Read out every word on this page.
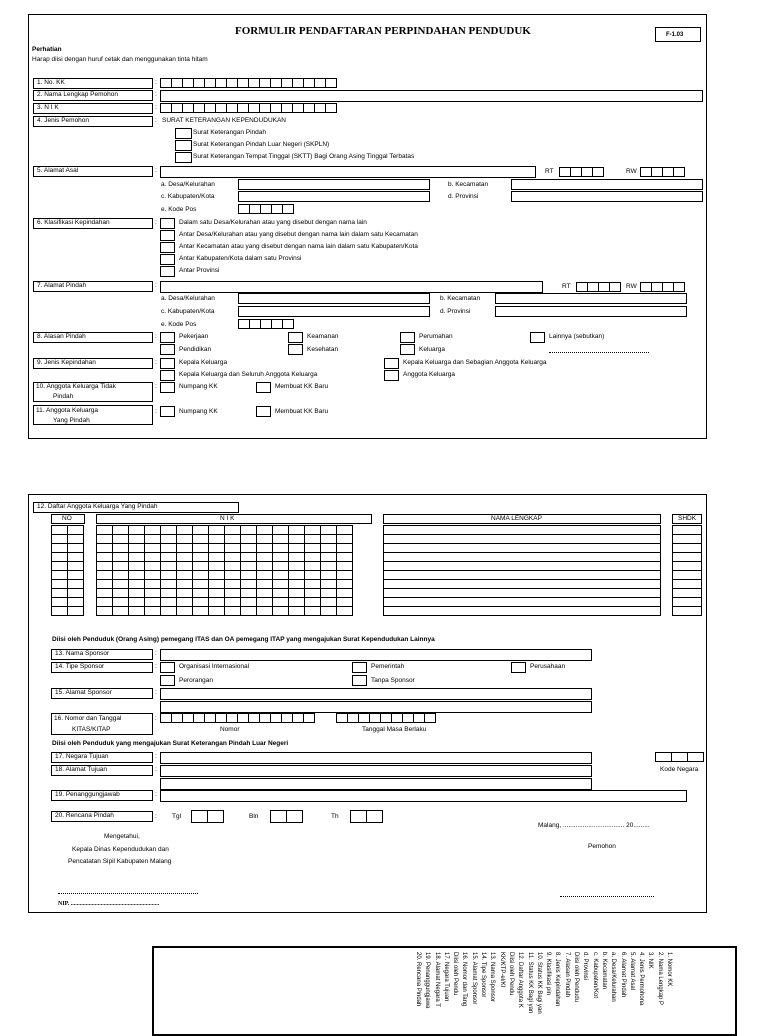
FORMULIR PENDAFTARAN PERPINDAHAN PENDUDUK	F-1.03
Perhatian
Harap diisi dengan huruf cetak dan menggunakan tinta hitam
1. No. KK	:
2. Nama Lengkap Pemohon	:
3. N I K	:
4. Jenis Pemohon	: SURAT KETERANGAN KEPENDUDUKAN
Surat Keterangan Pindah
Surat Keterangan Pindah Luar Negeri (SKPLN)
Surat Keterangan Tempat Tinggal (SKTT) Bagi Orang Asing Tinggal Terbatas
5. Alamat Asal	:	RT	RW
a. Desa/Kelurahan	b. Kecamatan
c. Kabupaten/Kota	d. Provinsi
e. Kode Pos
6. Klasifikasi Kepindahan	:	Dalam satu Desa/Kelurahan atau yang disebut dengan nama lain
Antar Desa/Kelurahan atau yang disebut dengan nama lain dalam satu Kecamatan
Antar Kecamatan atau yang disebut dengan nama lain dalam satu Kabupaten/Kota
Antar Kabupaten/Kota dalam satu Provinsi
Antar Provinsi
7. Alamat Pindah	:	RT	RW
a. Desa/Kelurahan	b. Kecamatan
c. Kabupaten/Kota	d. Provinsi
e. Kode Pos
8. Alasan Pindah	:	Pekerjaan	Keamanan	Perumahan	Lainnya (sebutkan)
Pendidikan	Kesehatan	Keluarga
9. Jenis Kepindahan	:	Kepala Keluarga	Kepala Keluarga dan Sebagian Anggota Keluarga
Kepala Keluarga dan Seluruh Anggota Keluarga	Anggota Keluarga
10. Anggota Keluarga Tidak
Pindah
:	Numpang KK	Membuat KK Baru
11. Anggota Keluarga
Yang Pindah
:	Numpang KK	Membuat KK Baru
12. Daftar Anggota Keluarga Yang Pindah
NO	N I K	NAMA LENGKAP	SHDK
Diisi oleh Penduduk (Orang Asing) pemegang ITAS dan OA pemegang ITAP yang mengajukan Surat Kependudukan Lainnya
13. Nama Sponsor	:
14. Tipe Sponsor	:	Organisasi Internasional	Pemerintah	Perusahaan
Perorangan	Tanpa Sponsor
15. Alamat Sponsor	:
16. Nomor dan Tanggal
KITAS/KITAP
:
Nomor	Tanggal Masa Berlaku
Diisi oleh Penduduk yang mengajukan Surat Keterangan Pindah Luar Negeri
17. Negara Tujuan	:
Kode Negara
18. Alamat Tujuan	:
19. Penanggungjawab	:
20. Rencana Pindah	: Tgl	Bln	Th
Malang, .................................. 20.........
Mengetahui,
Kepala Dinas Kependudukan dan	Pemohon
Pencatatan Sipil Kabupaten Malang
NIP. ...........................................................
1. Nomor KK
2. Nama Lengkap P
3. NIK
4. Jenis Permohona
5. Alamat Asal
6. Alamat Pindah
a. Desa/Kelurahan
b. Kecamatan
c. Kabupaten/Kot
d. Provinsi
Diisi oleh Pendudu
7. Alasan Pindah
8. Jenis Kepindahan
9. Klasifikasi pin
10. Status KK Bagi yan
11. Status KK Bagi yan
12. Daftar Anggota K
Diisi oleh Pendu
KK/KTP-el/KI
13. Nama Sponsor
14. Tipe Sponsor
15. Alamat Sponsor
16. Nomor dan Tang
Diisi oleh Pendu
17. Negara Tujuan
18. Alamat Negara T
19. Penanggungjawa
20. Rencana Pindah
